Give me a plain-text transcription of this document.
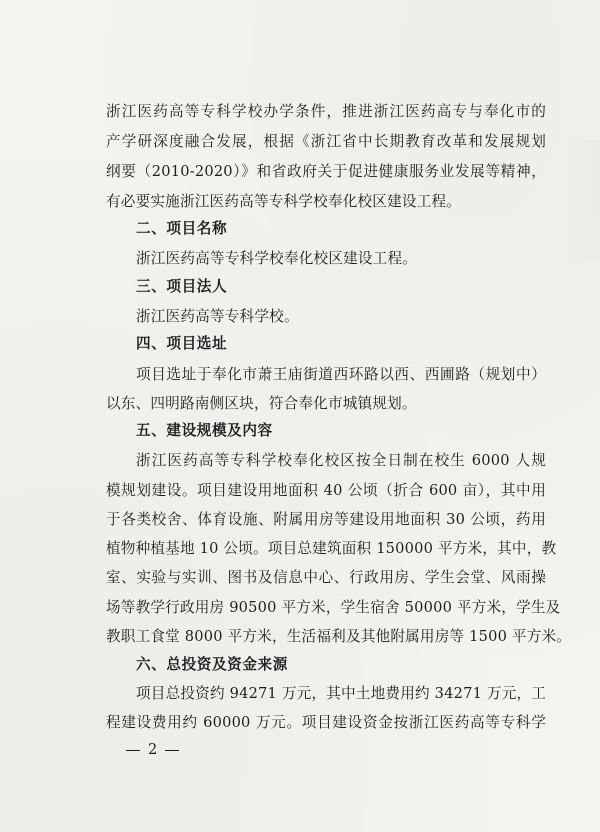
浙江医药高等专科学校办学条件，推进浙江医药高专与奉化市的
产学研深度融合发展，根据《浙江省中长期教育改革和发展规划
纲要（2010-2020）》和省政府关于促进健康服务业发展等精神，
有必要实施浙江医药高等专科学校奉化校区建设工程。
二、项目名称
浙江医药高等专科学校奉化校区建设工程。
三、项目法人
浙江医药高等专科学校。
四、项目选址
项目选址于奉化市萧王庙街道西环路以西、西圃路（规划中）
以东、四明路南侧区块，符合奉化市城镇规划。
五、建设规模及内容
浙江医药高等专科学校奉化校区按全日制在校生 6000 人规
模规划建设。项目建设用地面积 40 公顷（折合 600 亩），其中用
于各类校舍、体育设施、附属用房等建设用地面积 30 公顷，药用
植物种植基地 10 公顷。项目总建筑面积 150000 平方米，其中，教
室、实验与实训、图书及信息中心、行政用房、学生会堂、风雨操
场等教学行政用房 90500 平方米，学生宿舍 50000 平方米，学生及
教职工食堂 8000 平方米，生活福利及其他附属用房等 1500 平方米。
六、总投资及资金来源
项目总投资约 94271 万元，其中土地费用约 34271 万元，工
程建设费用约 60000 万元。项目建设资金按浙江医药高等专科学
2
